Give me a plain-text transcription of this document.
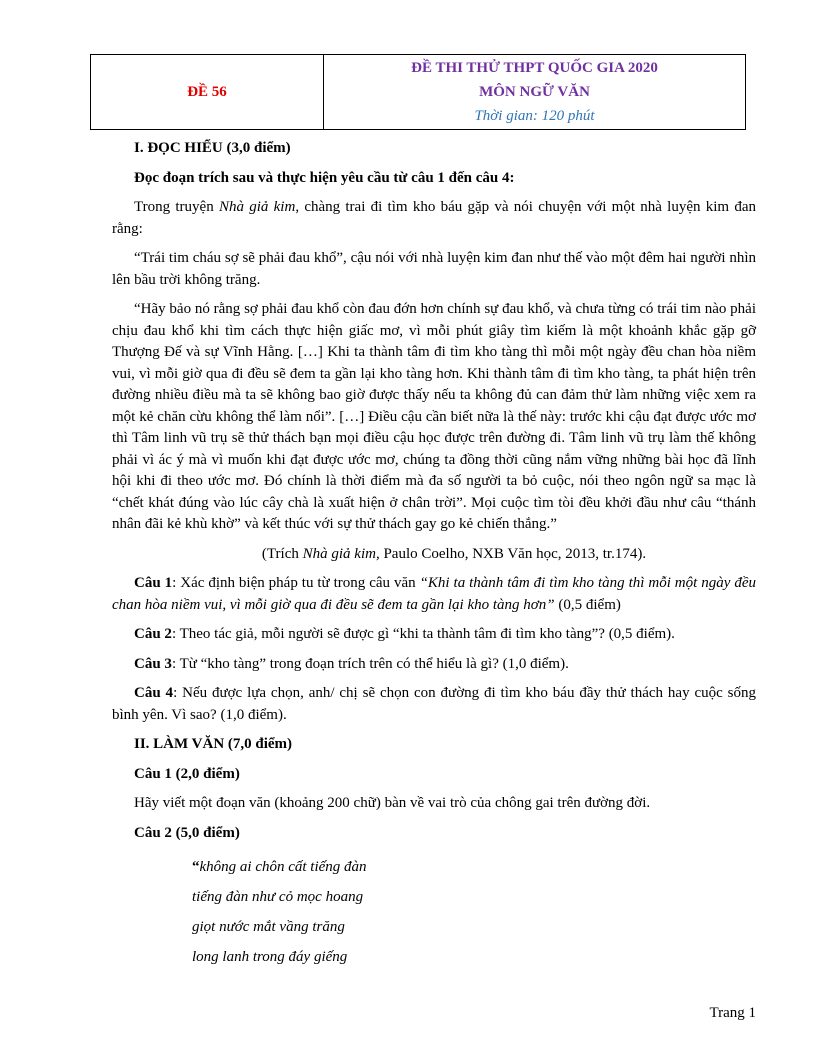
ĐỀ 56	
ĐỀ THI THỬ THPT QUỐC GIA 2020
MÔN NGỮ VĂN
Thời gian: 120 phút

I. ĐỌC HIỂU (3,0 điểm)

Đọc đoạn trích sau và thực hiện yêu cầu từ câu 1 đến câu 4:

Trong truyện Nhà giả kim, chàng trai đi tìm kho báu gặp và nói chuyện với một nhà luyện kim đan rằng:

“Trái tim cháu sợ sẽ phải đau khổ”, cậu nói với nhà luyện kim đan như thế vào một đêm hai người nhìn lên bầu trời không trăng.

“Hãy bảo nó rằng sợ phải đau khổ còn đau đớn hơn chính sự đau khổ, và chưa từng có trái tim nào phải chịu đau khổ khi tìm cách thực hiện giấc mơ, vì mỗi phút giây tìm kiếm là một khoảnh khắc gặp gỡ Thượng Đế và sự Vĩnh Hằng. […] Khi ta thành tâm đi tìm kho tàng thì mỗi một ngày đều chan hòa niềm vui, vì mỗi giờ qua đi đều sẽ đem ta gần lại kho tàng hơn. Khi thành tâm đi tìm kho tàng, ta phát hiện trên đường nhiều điều mà ta sẽ không bao giờ được thấy nếu ta không đủ can đảm thử làm những việc xem ra một kẻ chăn cừu không thể làm nổi”. […] Điều cậu cần biết nữa là thế này: trước khi cậu đạt được ước mơ thì Tâm linh vũ trụ sẽ thử thách bạn mọi điều cậu học được trên đường đi. Tâm linh vũ trụ làm thế không phải vì ác ý mà vì muốn khi đạt được ước mơ, chúng ta đồng thời cũng nắm vững những bài học đã lĩnh hội khi đi theo ước mơ. Đó chính là thời điểm mà đa số người ta bỏ cuộc, nói theo ngôn ngữ sa mạc là “chết khát đúng vào lúc cây chà là xuất hiện ở chân trời”. Mọi cuộc tìm tòi đều khởi đầu như câu “thánh nhân đãi kẻ khù khờ” và kết thúc với sự thử thách gay go kẻ chiến thắng.”

(Trích Nhà giả kim, Paulo Coelho, NXB Văn học, 2013, tr.174).

Câu 1: Xác định biện pháp tu từ trong câu văn “Khi ta thành tâm đi tìm kho tàng thì mỗi một ngày đều chan hòa niềm vui, vì mỗi giờ qua đi đều sẽ đem ta gần lại kho tàng hơn” (0,5 điểm)

Câu 2: Theo tác giả, mỗi người sẽ được gì “khi ta thành tâm đi tìm kho tàng”? (0,5 điểm).

Câu 3: Từ “kho tàng” trong đoạn trích trên có thể hiểu là gì? (1,0 điểm).

Câu 4: Nếu được lựa chọn, anh/ chị sẽ chọn con đường đi tìm kho báu đầy thử thách hay cuộc sống bình yên. Vì sao? (1,0 điểm).

II. LÀM VĂN (7,0 điểm)

Câu 1 (2,0 điểm)

Hãy viết một đoạn văn (khoảng 200 chữ) bàn về vai trò của chông gai trên đường đời.

Câu 2 (5,0 điểm)

“không ai chôn cất tiếng đàn

tiếng đàn như cỏ mọc hoang

giọt nước mắt vầng trăng

long lanh trong đáy giếng

Trang 1
